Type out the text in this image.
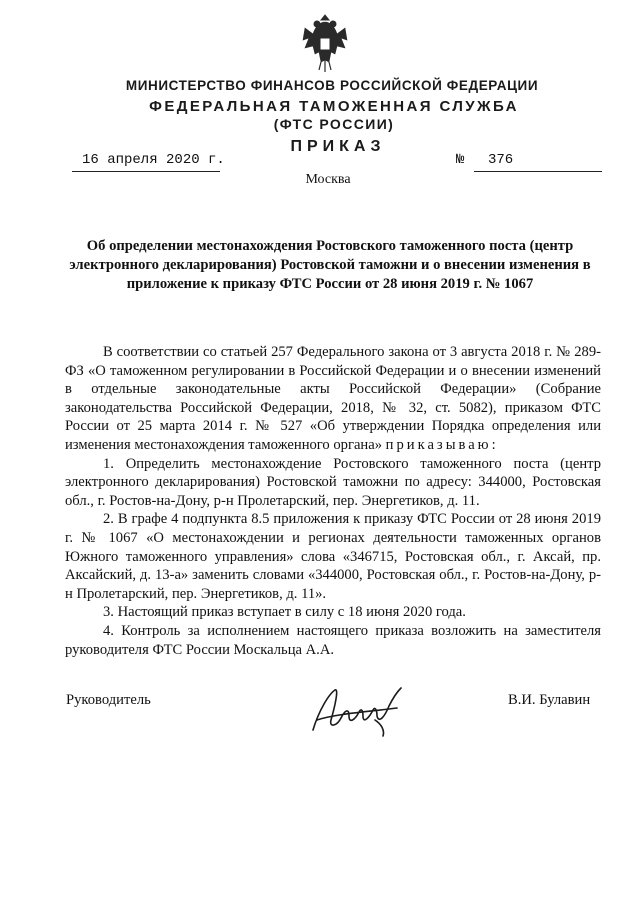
МИНИСТЕРСТВО ФИНАНСОВ РОССИЙСКОЙ ФЕДЕРАЦИИ
ФЕДЕРАЛЬНАЯ ТАМОЖЕННАЯ СЛУЖБА
(ФТС РОССИИ)
ПРИКАЗ
16 апреля 2020 г.	№ 376
Москва
Об определении местонахождения Ростовского таможенного поста (центр электронного декларирования) Ростовской таможни и о внесении изменения в приложение к приказу ФТС России от 28 июня 2019 г. № 1067

В соответствии со статьей 257 Федерального закона от 3 августа 2018 г. № 289-ФЗ «О таможенном регулировании в Российской Федерации и о внесении изменений в отдельные законодательные акты Российской Федерации» (Собрание законодательства Российской Федерации, 2018, № 32, ст. 5082), приказом ФТС России от 25 марта 2014 г. № 527 «Об утверждении Порядка определения или изменения местонахождения таможенного органа» приказываю:

1. Определить местонахождение Ростовского таможенного поста (центр электронного декларирования) Ростовской таможни по адресу: 344000, Ростовская обл., г. Ростов-на-Дону, р-н Пролетарский, пер. Энергетиков, д. 11.

2. В графе 4 подпункта 8.5 приложения к приказу ФТС России от 28 июня 2019 г. № 1067 «О местонахождении и регионах деятельности таможенных органов Южного таможенного управления» слова «346715, Ростовская обл., г. Аксай, пр. Аксайский, д. 13-а» заменить словами «344000, Ростовская обл., г. Ростов-на-Дону, р-н Пролетарский, пер. Энергетиков, д. 11».

3. Настоящий приказ вступает в силу с 18 июня 2020 года.

4. Контроль за исполнением настоящего приказа возложить на заместителя руководителя ФТС России Москальца А.А.

Руководитель	В.И. Булавин
